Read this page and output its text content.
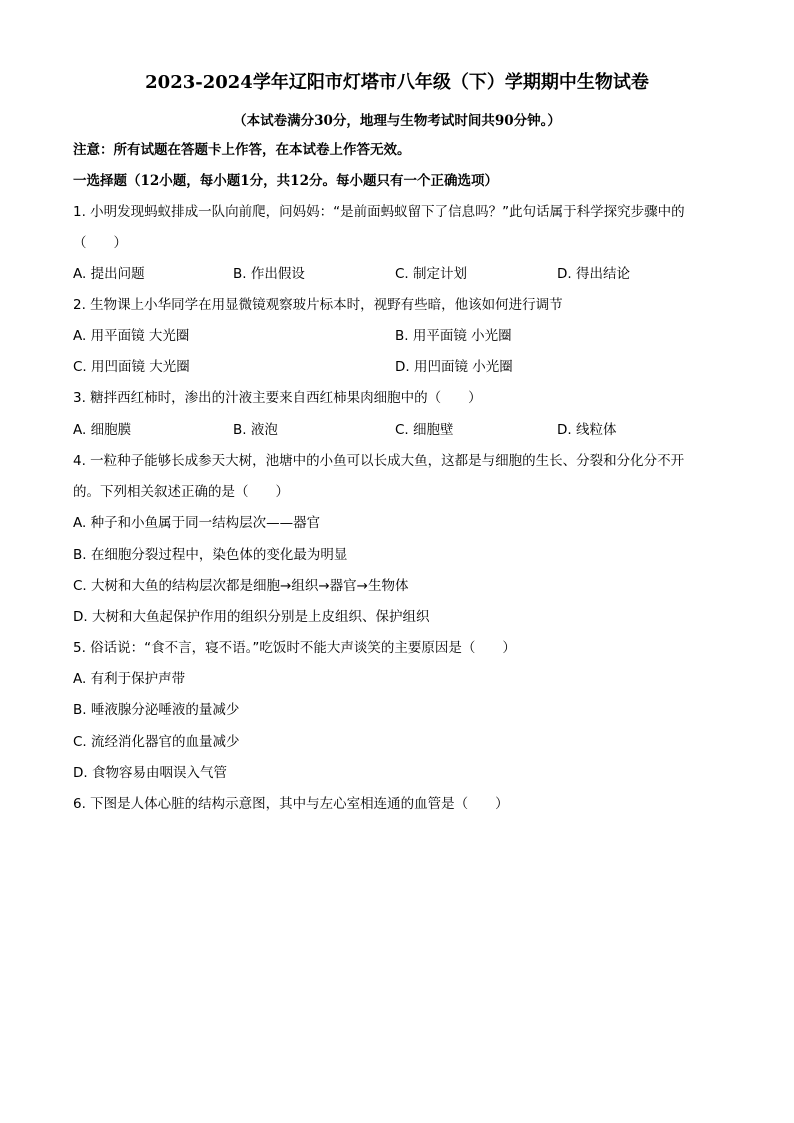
2023-2024学年辽阳市灯塔市八年级（下）学期期中生物试卷
（本试卷满分30分，地理与生物考试时间共90分钟。）
注意：所有试题在答题卡上作答，在本试卷上作答无效。
一选择题（12小题，每小题1分，共12分。每小题只有一个正确选项）
1. 小明发现蚂蚁排成一队向前爬，问妈妈：“是前面蚂蚁留下了信息吗？”此句话属于科学探究步骤中的
（　　）
A. 提出问题	B. 作出假设	C. 制定计划	D. 得出结论
2. 生物课上小华同学在用显微镜观察玻片标本时，视野有些暗，他该如何进行调节
A. 用平面镜 大光圈	B. 用平面镜 小光圈
C. 用凹面镜 大光圈	D. 用凹面镜 小光圈
3. 糖拌西红柿时，渗出的汁液主要来自西红柿果肉细胞中的（　　）
A. 细胞膜	B. 液泡	C. 细胞壁	D. 线粒体
4. 一粒种子能够长成参天大树，池塘中的小鱼可以长成大鱼，这都是与细胞的生长、分裂和分化分不开
的。下列相关叙述正确的是（　　）
A. 种子和小鱼属于同一结构层次——器官
B. 在细胞分裂过程中，染色体的变化最为明显
C. 大树和大鱼的结构层次都是细胞→组织→器官→生物体
D. 大树和大鱼起保护作用的组织分别是上皮组织、保护组织
5. 俗话说：“食不言，寝不语。”吃饭时不能大声谈笑的主要原因是（　　）
A. 有利于保护声带
B. 唾液腺分泌唾液的量减少
C. 流经消化器官的血量减少
D. 食物容易由咽误入气管
6. 下图是人体心脏的结构示意图，其中与左心室相连通的血管是（　　）
